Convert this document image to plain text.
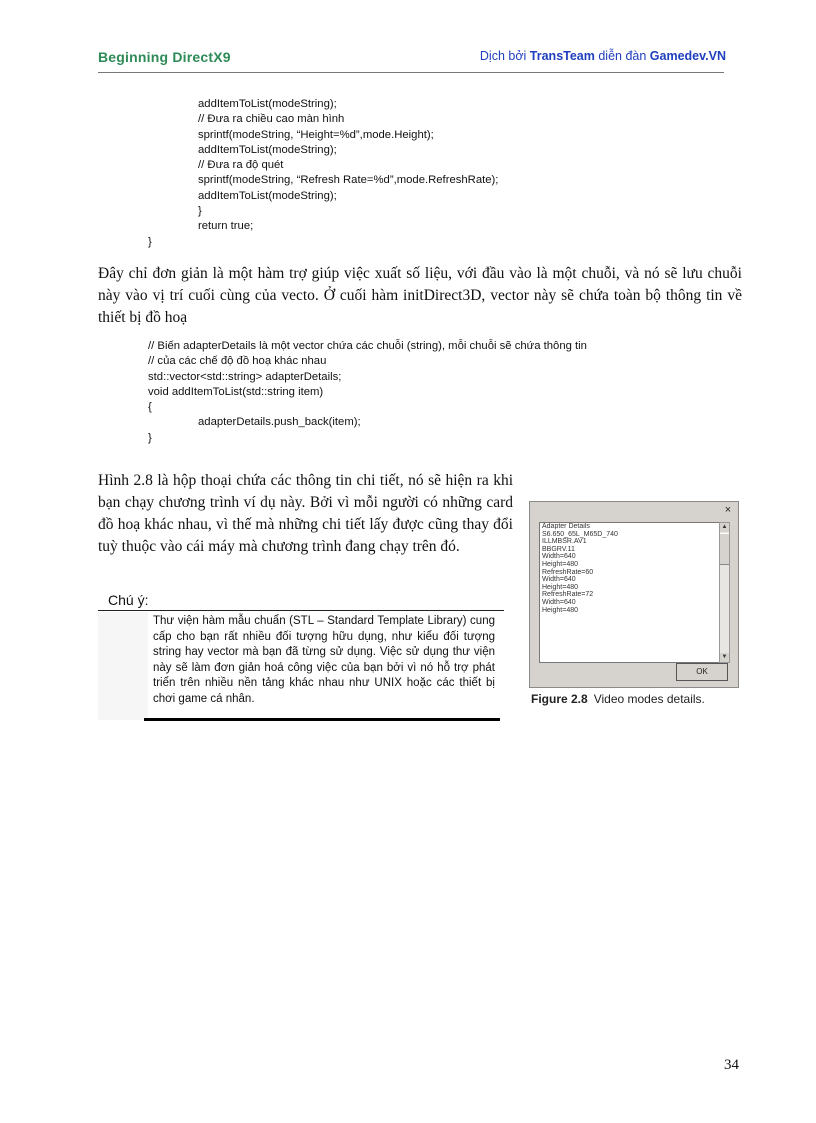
Beginning DirectX9	Dịch bởi TransTeam diễn đàn Gamedev.VN
addItemToList(modeString);
// Đưa ra chiều cao màn hình
sprintf(modeString, “Height=%d”,mode.Height);
addItemToList(modeString);
// Đưa ra độ quét
sprintf(modeString, “Refresh Rate=%d”,mode.RefreshRate);
addItemToList(modeString);
}
return true;
}
Đây chỉ đơn giản là một hàm trợ giúp việc xuất số liệu, với đầu vào là một chuỗi, và nó sẽ lưu chuỗi này vào vị trí cuối cùng của vecto. Ở cuối hàm initDirect3D, vector này sẽ chứa toàn bộ thông tin về thiết bị đồ hoạ
// Biến adapterDetails là một vector chứa các chuỗi (string), mỗi chuỗi sẽ chứa thông tin
// của các chế độ đồ hoạ khác nhau
std::vector<std::string> adapterDetails;
void addItemToList(std::string item)
{
adapterDetails.push_back(item);
}
Hình 2.8 là hộp thoại chứa các thông tin chi tiết, nó sẽ hiện ra khi bạn chạy chương trình ví dụ này. Bởi vì mỗi người có những card đồ hoạ khác nhau, vì thế mà những chi tiết lấy được cũng thay đổi tuỳ thuộc vào cái máy mà chương trình đang chạy trên đó.
Chú ý:
Thư viện hàm mẫu chuẩn (STL – Standard Template Library) cung cấp cho bạn rất nhiều đối tượng hữu dụng, như kiểu đối tượng string hay vector mà bạn đã từng sử dụng. Việc sử dụng thư viện này sẽ làm đơn giản hoá công việc của bạn bởi vì nó hỗ trợ phát triển trên nhiều nền tảng khác nhau như UNIX hoặc các thiết bị chơi game cá nhân.
×
Adapter Details
S6.650_65L_M65D_740
ILLMBSR.AV1
BBGRV.11
Width=640
Height=480
RefreshRate=60
Width=640
Height=480
RefreshRate=72
Width=640
Height=480
▲
▼
OK
Figure 2.8 Video modes details.
34
